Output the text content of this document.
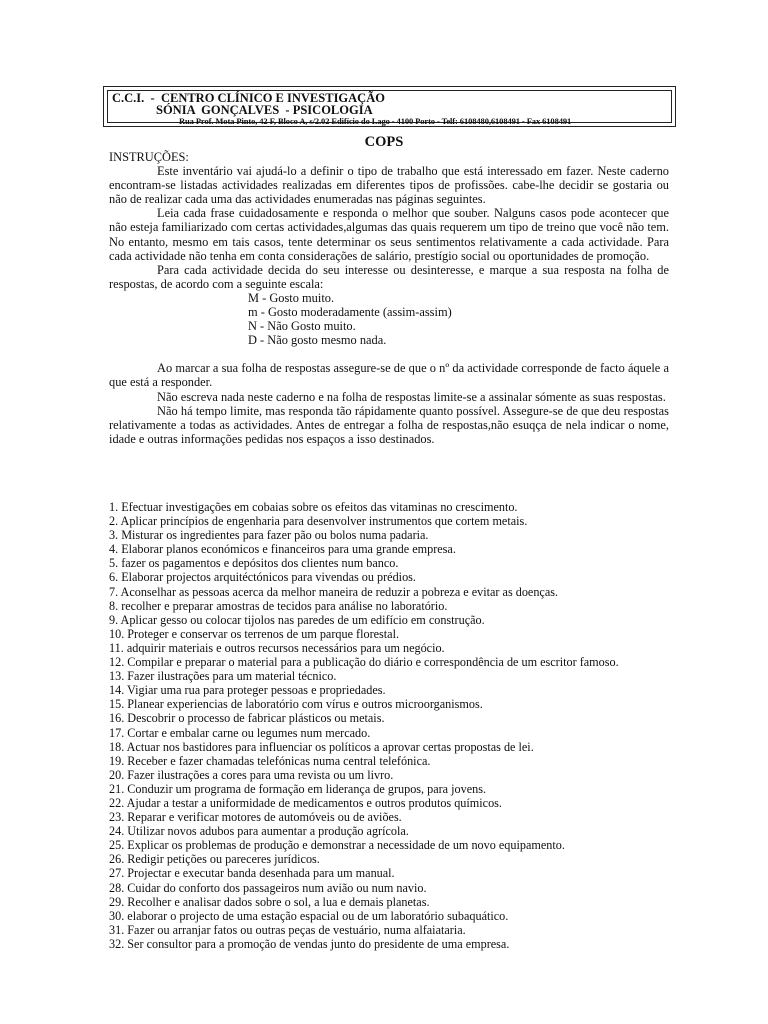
C.C.I.  -  CENTRO CLÍNICO E INVESTIGAÇÃO
SÓNIA  GONÇALVES  - PSICOLOGIA
Rua Prof. Mota Pinto, 42 F, Bloco A, s/2.02 Edifício do Lago - 4100 Porto - Telf: 6108480,6108491 - Fax 6108491
COPS
INSTRUÇÕES:

Este inventário vai ajudá-lo a definir o tipo de trabalho que está interessado em fazer. Neste caderno encontram-se listadas actividades realizadas em diferentes tipos de profissões. cabe-lhe decidir se gostaria ou não de realizar cada uma das actividades enumeradas nas páginas seguintes.

Leia cada frase cuidadosamente e responda o melhor que souber. Nalguns casos pode acontecer que não esteja familiarizado com certas actividades,algumas das quais requerem um tipo de treino que você não tem. No entanto, mesmo em tais casos, tente determinar os seus sentimentos relativamente a cada actividade. Para cada actividade não tenha em conta considerações de salário, prestígio social ou oportunidades de promoção.

Para cada actividade decida do seu interesse ou desinteresse, e marque a sua resposta na folha de respostas, de acordo com a seguinte escala:

M - Gosto muito.

m - Gosto moderadamente (assim-assim)

N - Não Gosto muito.

D - Não gosto mesmo nada.

Ao marcar a sua folha de respostas assegure-se de que o nº da actividade corresponde de facto áquele a que está a responder.

Não escreva nada neste caderno e na folha de respostas limite-se a assinalar sómente as suas respostas.

Não há tempo limite, mas responda tão rápidamente quanto possível. Assegure-se de que deu respostas relativamente a todas as actividades. Antes de entregar a folha de respostas,não esuqça de nela indicar o nome, idade e outras informações pedidas nos espaços a isso destinados.

1. Efectuar investigações em cobaias sobre os efeitos das vitaminas no crescimento.
2. Aplicar princípios de engenharia para desenvolver instrumentos que cortem metais.
3. Misturar os ingredientes para fazer pão ou bolos numa padaria.
4. Elaborar planos económicos e financeiros para uma grande empresa.
5. fazer os pagamentos e depósitos dos clientes num banco.
6. Elaborar projectos arquitéctónicos para vivendas ou prédios.
7. Aconselhar as pessoas acerca da melhor maneira de reduzir a pobreza e evitar as doenças.
8. recolher e preparar amostras de tecidos para análise no laboratório.
9. Aplicar gesso ou colocar tijolos nas paredes de um edifício em construção.
10. Proteger e conservar os terrenos de um parque florestal.
11. adquirir materiais e outros recursos necessários para um negócio.
12. Compilar e preparar o material para a publicação do diário e correspondência de um escritor famoso.
13. Fazer ilustrações para um material técnico.
14. Vigiar uma rua para proteger pessoas e propriedades.
15. Planear experiencias de laboratório com vírus e outros microorganismos.
16. Descobrir o processo de fabricar plásticos ou metais.
17. Cortar e embalar carne ou legumes num mercado.
18. Actuar nos bastidores para influenciar os políticos a aprovar certas propostas de lei.
19. Receber e fazer chamadas telefónicas numa central telefónica.
20. Fazer ilustrações a cores para uma revista ou um livro.
21. Conduzir um programa de formação em liderança de grupos, para jovens.
22. Ajudar a testar a uniformidade de medicamentos e outros produtos químicos.
23. Reparar e verificar motores de automóveis ou de aviões.
24. Utilizar novos adubos para aumentar a produção agrícola.
25. Explicar os problemas de produção e demonstrar a necessidade de um novo equipamento.
26. Redigir petições ou pareceres jurídicos.
27. Projectar e executar banda desenhada para um manual.
28. Cuidar do conforto dos passageiros num avião ou num navio.
29. Recolher e analisar dados sobre o sol, a lua e demais planetas.
30. elaborar o projecto de uma estação espacial ou de um laboratório subaquático.
31. Fazer ou arranjar fatos ou outras peças de vestuário, numa alfaiataria.
32. Ser consultor para a promoção de vendas junto do presidente de uma empresa.
